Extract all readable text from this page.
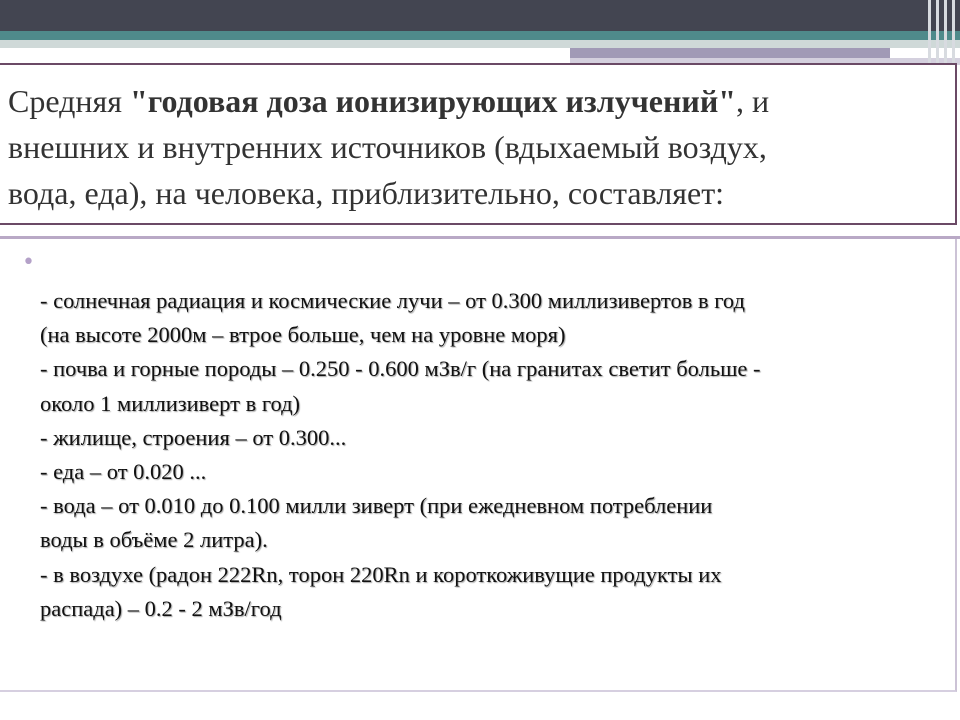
Средняя "годовая доза ионизирующих излучений", и
внешних и внутренних источников (вдыхаемый воздух,
вода, еда), на человека, приблизительно, составляет:
•
- солнечная радиация и космические лучи – от 0.300 миллизивертов в год
(на высоте 2000м – втрое больше, чем на уровне моря)
- почва и горные породы – 0.250 - 0.600 мЗв/г (на гранитах светит больше -
около 1 миллизиверт в год)
- жилище, строения – от 0.300...
- еда – от 0.020 ...
- вода – от 0.010 до 0.100 милли зиверт (при ежедневном потреблении
воды в объёме 2 литра).
- в воздухе (радон 222Rn, торон 220Rn и короткоживущие продукты их
распада) – 0.2 - 2 мЗв/год
